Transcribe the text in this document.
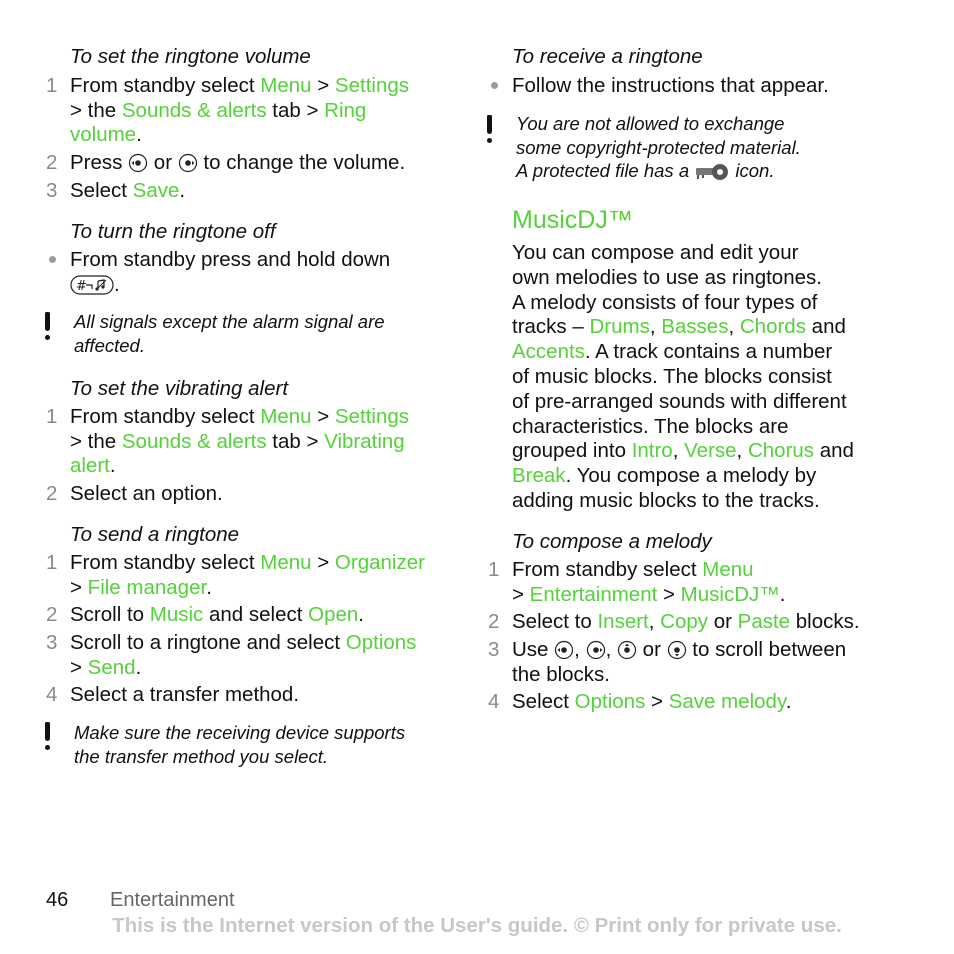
To set the ringtone volume
1 From standby select Menu > Settings
> the Sounds & alerts tab > Ring
volume.
2 Press  or  to change the volume.
3 Select Save.
To turn the ringtone off
From standby press and hold down
# .
All signals except the alarm signal are
affected.
To set the vibrating alert
1 From standby select Menu > Settings
> the Sounds & alerts tab > Vibrating
alert.
2 Select an option.
To send a ringtone
1 From standby select Menu > Organizer
> File manager.
2 Scroll to Music and select Open.
3 Scroll to a ringtone and select Options
> Send.
4 Select a transfer method.
Make sure the receiving device supports
the transfer method you select.
To receive a ringtone
Follow the instructions that appear.
You are not allowed to exchange
some copyright-protected material.
A protected file has a  icon.
MusicDJ™
You can compose and edit your
own melodies to use as ringtones.
A melody consists of four types of
tracks – Drums, Basses, Chords and
Accents. A track contains a number
of music blocks. The blocks consist
of pre-arranged sounds with different
characteristics. The blocks are
grouped into Intro, Verse, Chorus and
Break. You compose a melody by
adding music blocks to the tracks.
To compose a melody
1 From standby select Menu
> Entertainment > MusicDJ™.
2 Select to Insert, Copy or Paste blocks.
3 Use , ,  or  to scroll between
the blocks.
4 Select Options > Save melody.
46 Entertainment
This is the Internet version of the User's guide. © Print only for private use.
